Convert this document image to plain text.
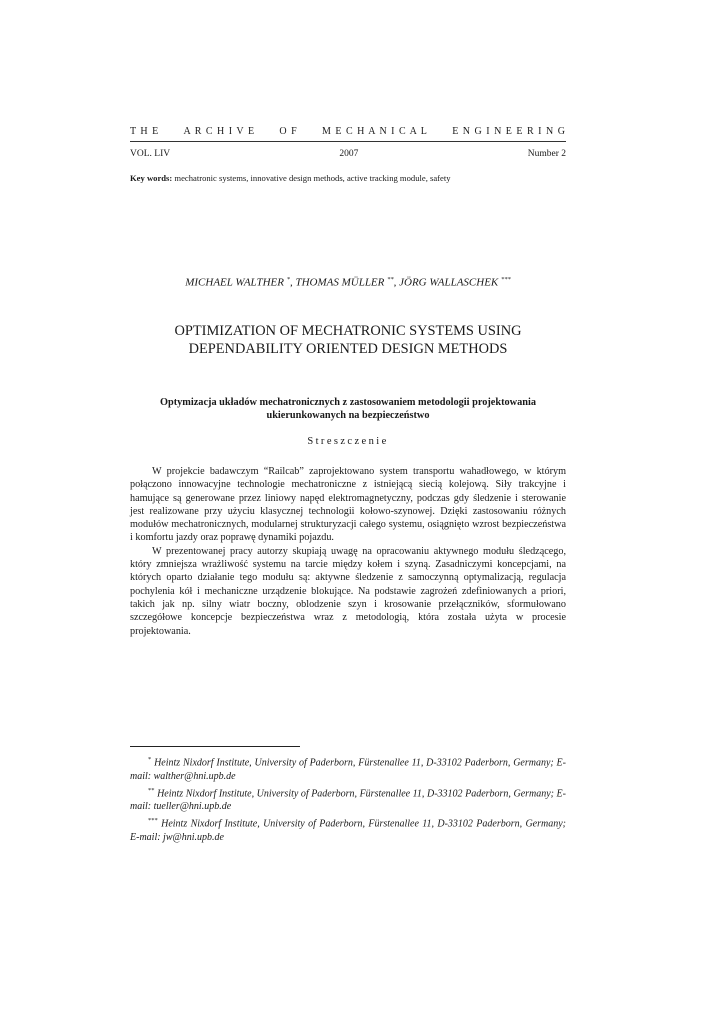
T H E A R C H I V E O F M E C H A N I C A L E N G I N E E R I N G
VOL. LIV	2007	Number 2
Key words: mechatronic systems, innovative design methods, active tracking module, safety
MICHAEL WALTHER *, THOMAS MÜLLER **, JÖRG WALLASCHEK ***
OPTIMIZATION OF MECHATRONIC SYSTEMS USING
DEPENDABILITY ORIENTED DESIGN METHODS
Optymizacja układów mechatronicznych z zastosowaniem metodologii projektowania
ukierunkowanych na bezpieczeństwo
Streszczenie

W projekcie badawczym “Railcab” zaprojektowano system transportu wahadłowego, w którym połączono innowacyjne technologie mechatroniczne z istniejącą siecią kolejową. Siły trakcyjne i hamujące są generowane przez liniowy napęd elektromagnetyczny, podczas gdy śledzenie i sterowanie jest realizowane przy użyciu klasycznej technologii kołowo-szynowej. Dzięki zastosowaniu różnych modułów mechatronicznych, modularnej strukturyzacji całego systemu, osiągnięto wzrost bezpieczeństwa i komfortu jazdy oraz poprawę dynamiki pojazdu.

W prezentowanej pracy autorzy skupiają uwagę na opracowaniu aktywnego modułu śledzącego, który zmniejsza wrażliwość systemu na tarcie między kołem i szyną. Zasadniczymi koncepcjami, na których oparto działanie tego modułu są: aktywne śledzenie z samoczynną optymalizacją, regulacja pochylenia kół i mechaniczne urządzenie blokujące. Na podstawie zagrożeń zdefiniowanych a priori, takich jak np. silny wiatr boczny, oblodzenie szyn i krosowanie przełączników, sformułowano szczegółowe koncepcje bezpieczeństwa wraz z metodologią, która została użyta w procesie projektowania.

* Heintz Nixdorf Institute, University of Paderborn, Fürstenallee 11, D-33102 Paderborn, Germany; E-mail: walther@hni.upb.de

** Heintz Nixdorf Institute, University of Paderborn, Fürstenallee 11, D-33102 Paderborn, Germany; E-mail: tueller@hni.upb.de

*** Heintz Nixdorf Institute, University of Paderborn, Fürstenallee 11, D-33102 Paderborn, Germany; E-mail: jw@hni.upb.de
